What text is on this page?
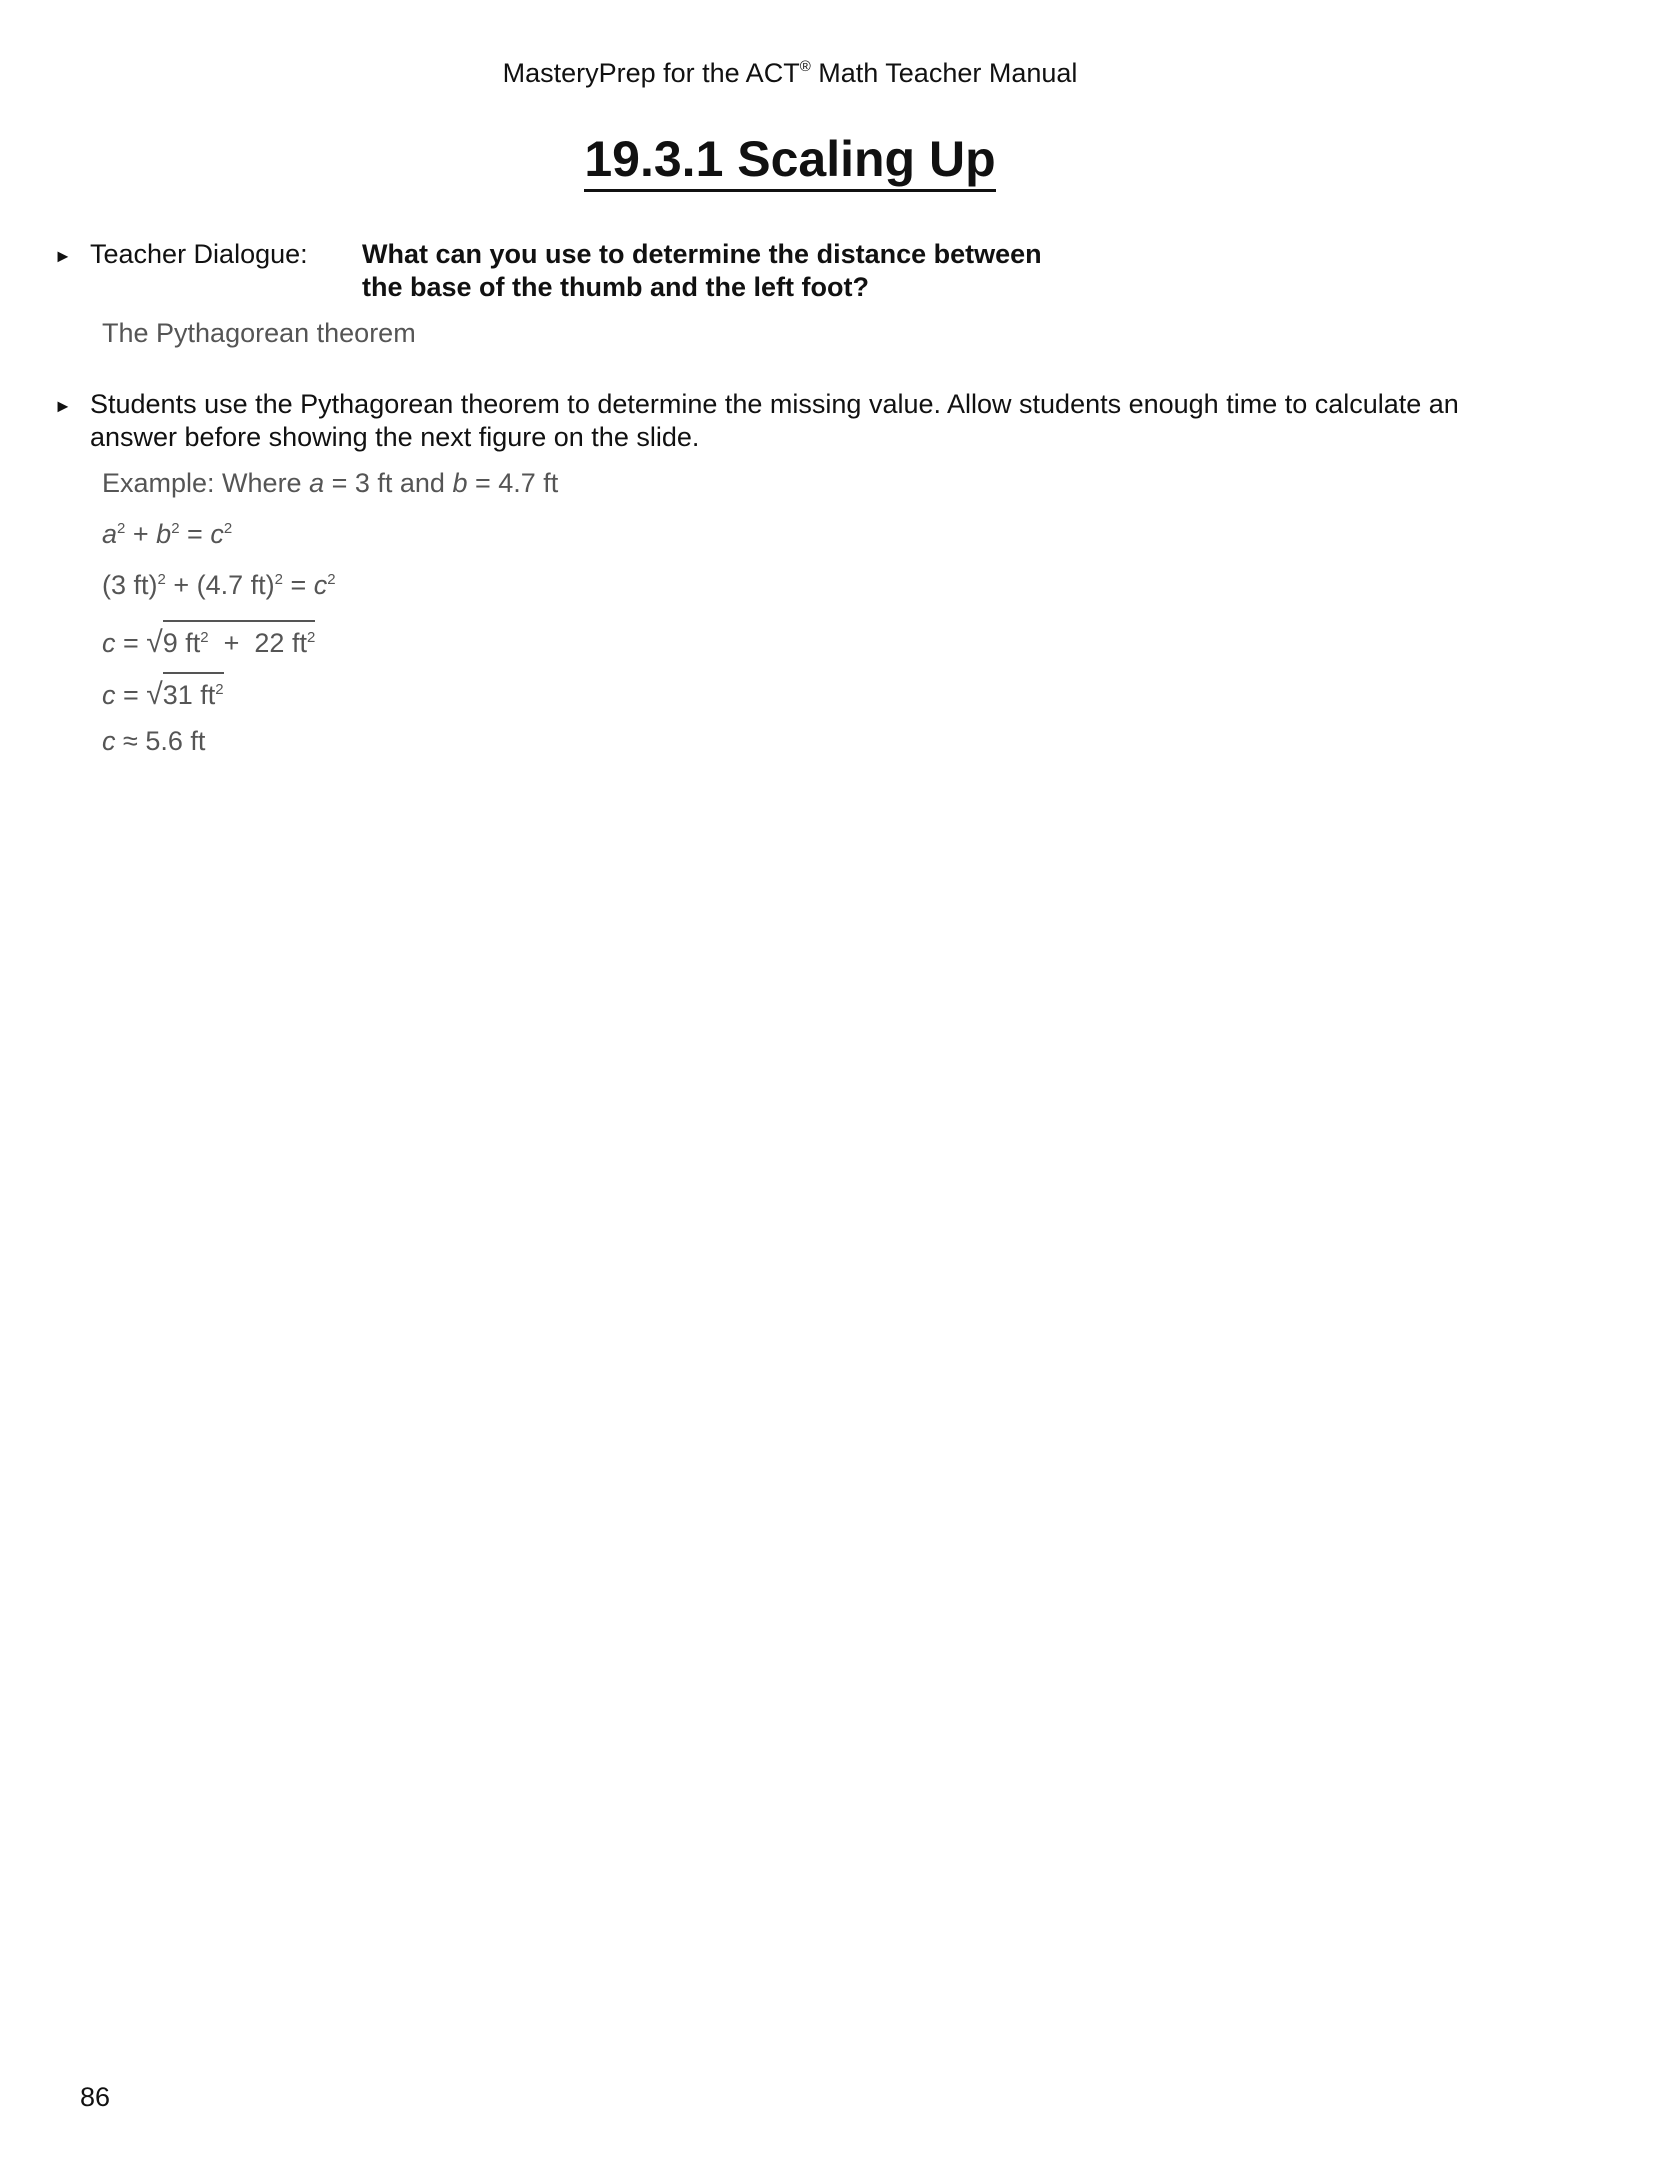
MasteryPrep for the ACT® Math Teacher Manual
19.3.1 Scaling Up
► Teacher Dialogue: What can you use to determine the distance between
the base of the thumb and the left foot?
The Pythagorean theorem
► Students use the Pythagorean theorem to determine the missing value. Allow students enough time to calculate an
answer before showing the next figure on the slide.
Example: Where a = 3 ft and b = 4.7 ft
$a^2 + b^2 = c^2$
(3 ft)$^2$ + (4.7 $ft)^2 = c^2$
c = √9 $ft^2 + 22$ $ft^2$
c = √31 $ft^2$
c ≈ 5.6 ft
86
